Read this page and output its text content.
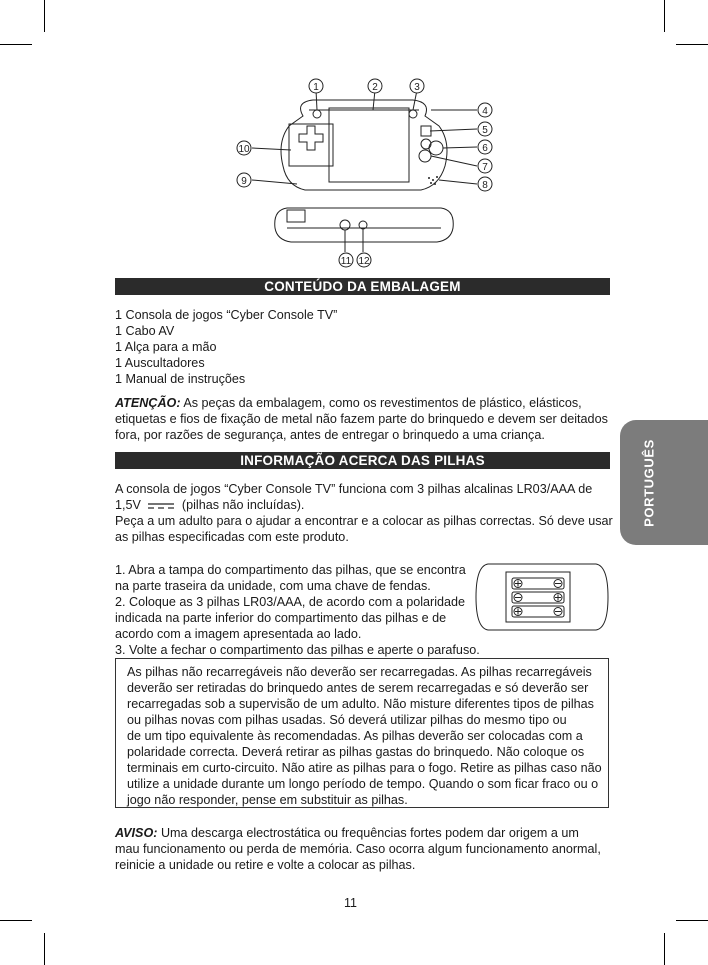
1	2	3
4
5
6
7
8
9
10
11 12
CONTEÚDO DA EMBALAGEM
1 Consola de jogos “Cyber Console TV”
1 Cabo AV
1 Alça para a mão
1 Auscultadores
1 Manual de instruções
ATENÇÃO: As peças da embalagem, como os revestimentos de plástico, elásticos,
etiquetas e fios de fixação de metal não fazem parte do brinquedo e devem ser deitados
fora, por razões de segurança, antes de entregar o brinquedo a uma criança.
INFORMAÇÃO ACERCA DAS PILHAS
A consola de jogos “Cyber Console TV” funciona com 3 pilhas alcalinas LR03/AAA de
1,5V	(pilhas não incluídas).
Peça a um adulto para o ajudar a encontrar e a colocar as pilhas correctas. Só deve usar
as pilhas especificadas com este produto.
1. Abra a tampa do compartimento das pilhas, que se encontra
na parte traseira da unidade, com uma chave de fendas.
2. Coloque as 3 pilhas LR03/AAA, de acordo com a polaridade
indicada na parte inferior do compartimento das pilhas e de
acordo com a imagem apresentada ao lado.
3. Volte a fechar o compartimento das pilhas e aperte o parafuso.
As pilhas não recarregáveis não deverão ser recarregadas. As pilhas recarregáveis
deverão ser retiradas do brinquedo antes de serem recarregadas e só deverão ser
recarregadas sob a supervisão de um adulto. Não misture diferentes tipos de pilhas
ou pilhas novas com pilhas usadas. Só deverá utilizar pilhas do mesmo tipo ou
de um tipo equivalente às recomendadas. As pilhas deverão ser colocadas com a
polaridade correcta. Deverá retirar as pilhas gastas do brinquedo. Não coloque os
terminais em curto-circuito. Não atire as pilhas para o fogo. Retire as pilhas caso não
utilize a unidade durante um longo período de tempo. Quando o som ficar fraco ou o
jogo não responder, pense em substituir as pilhas.
AVISO: Uma descarga electrostática ou frequências fortes podem dar origem a um
mau funcionamento ou perda de memória. Caso ocorra algum funcionamento anormal,
reinicie a unidade ou retire e volte a colocar as pilhas.
PORTUGUÊS
11
